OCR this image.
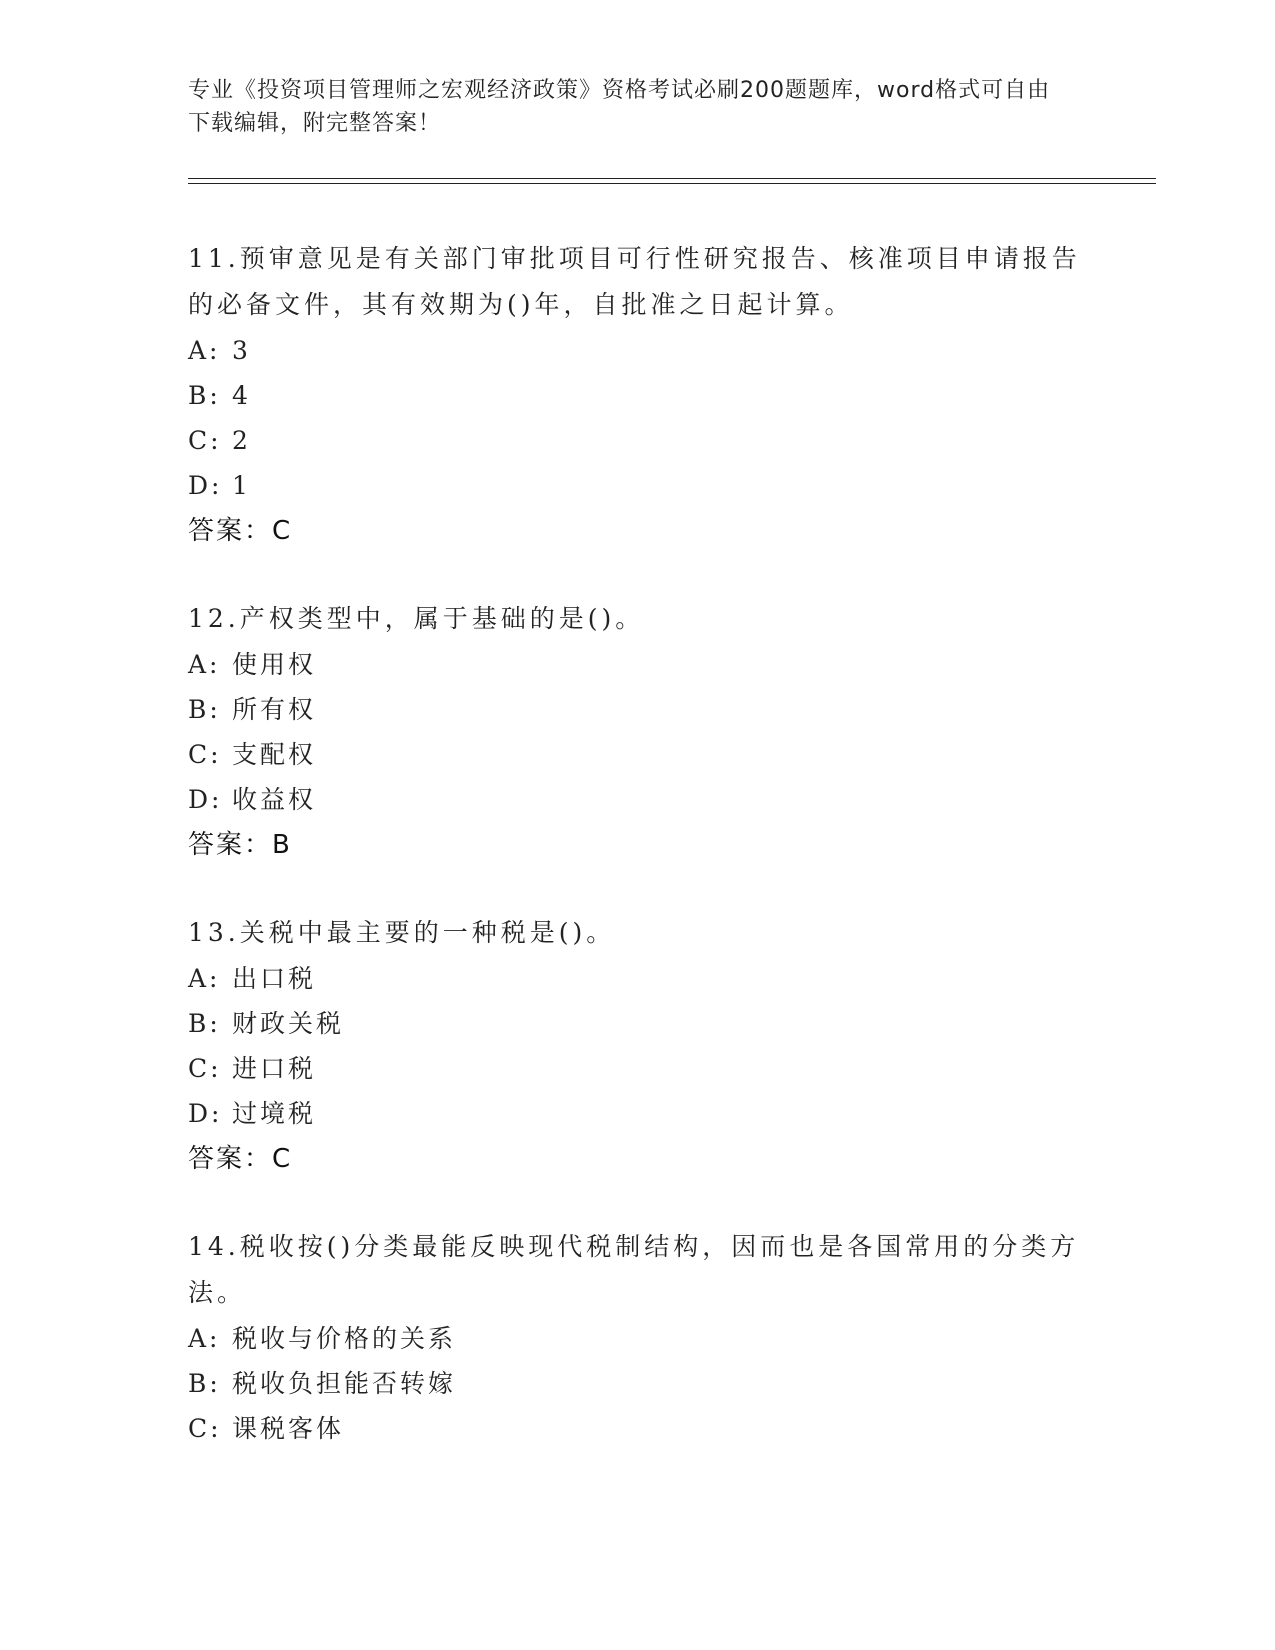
专业《投资项目管理师之宏观经济政策》资格考试必刷200题题库，word格式可自由下载编辑，附完整答案！
11.预审意见是有关部门审批项目可行性研究报告、核准项目申请报告的必备文件，其有效期为()年，自批准之日起计算。
A: 3
B: 4
C: 2
D: 1
答案：C
12.产权类型中，属于基础的是()。
A: 使用权
B: 所有权
C: 支配权
D: 收益权
答案：B
13.关税中最主要的一种税是()。
A: 出口税
B: 财政关税
C: 进口税
D: 过境税
答案：C
14.税收按()分类最能反映现代税制结构，因而也是各国常用的分类方法。
A: 税收与价格的关系
B: 税收负担能否转嫁
C: 课税客体
